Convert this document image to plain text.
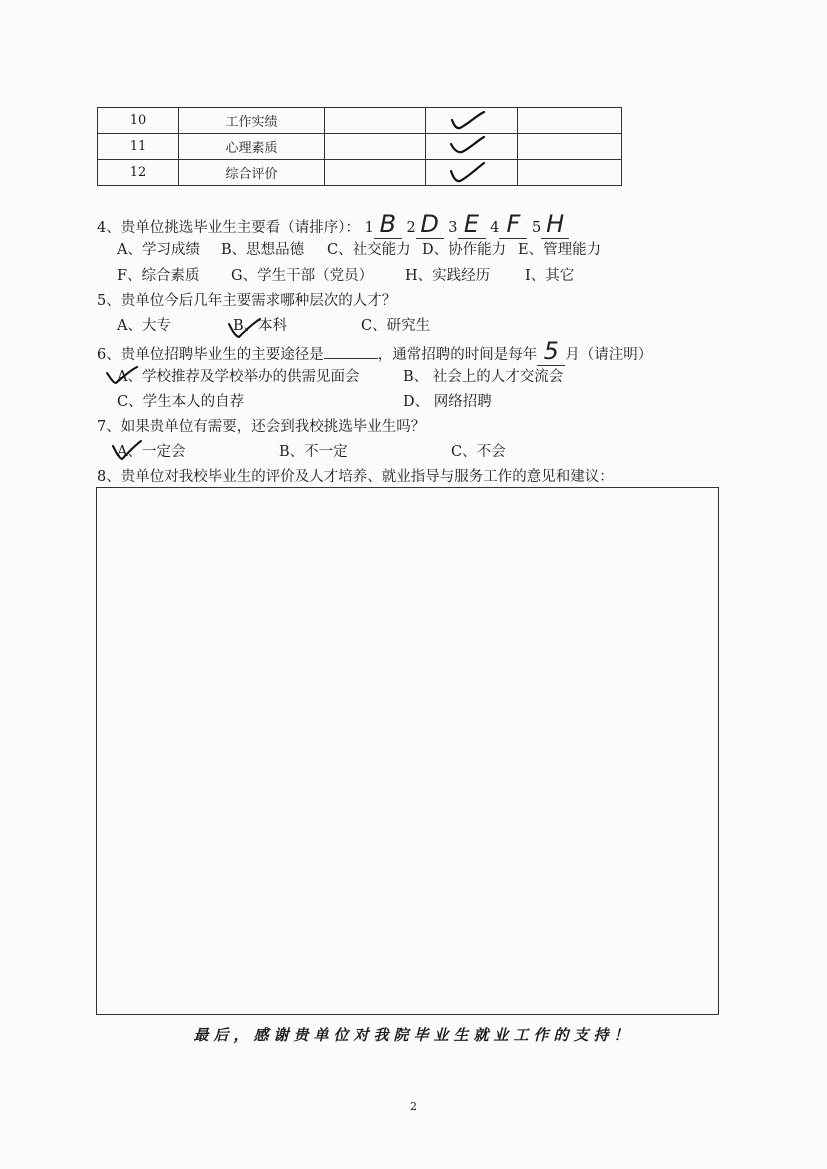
10	工作实绩		

11	心理素质		

12	综合评价		

4、贵单位挑选毕业生主要看（请排序）： 1 B 2 D 3 E 4 F 5 H
A、学习成绩 B、思想品德 C、社交能力 D、协作能力 E、管理能力
F、综合素质 G、学生干部（党员） H、实践经历 I、其它
5、贵单位今后几年主要需求哪种层次的人才？
A、大专	B、本科	C、研究生
6、贵单位招聘毕业生的主要途径是	，通常招聘的时间是每年 5 月（请注明）
A、学校推荐及学校举办的供需见面会	B、 社会上的人才交流会
C、学生本人的自荐	D、 网络招聘
7、如果贵单位有需要，还会到我校挑选毕业生吗？
A、一定会	B、不一定	C、不会
8、贵单位对我校毕业生的评价及人才培养、就业指导与服务工作的意见和建议：
最后，感谢贵单位对我院毕业生就业工作的支持！
2
